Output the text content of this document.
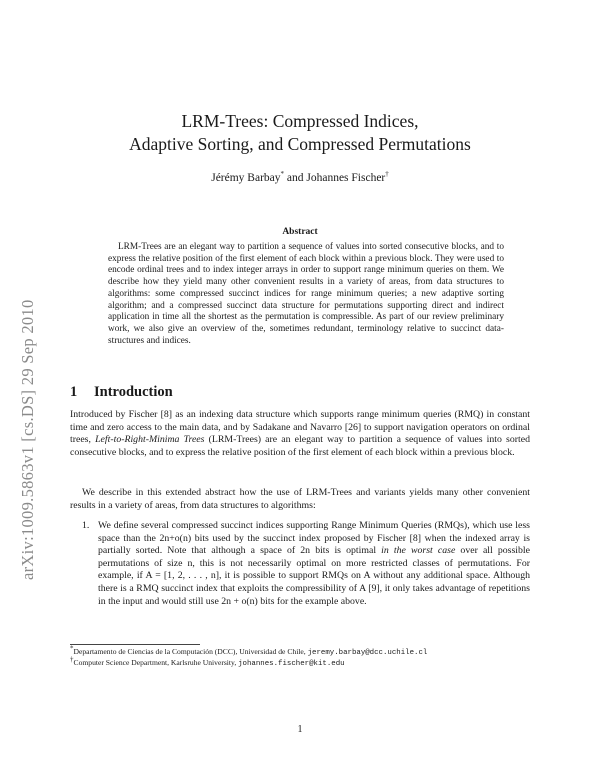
arXiv:1009.5863v1 [cs.DS] 29 Sep 2010
LRM-Trees: Compressed Indices,
Adaptive Sorting, and Compressed Permutations
Jérémy Barbay* and Johannes Fischer†
Abstract

LRM-Trees are an elegant way to partition a sequence of values into sorted consecutive blocks, and to express the relative position of the first element of each block within a previous block. They were used to encode ordinal trees and to index integer arrays in order to support range minimum queries on them. We describe how they yield many other convenient results in a variety of areas, from data structures to algorithms: some compressed succinct indices for range minimum queries; a new adaptive sorting algorithm; and a compressed succinct data structure for permutations supporting direct and indirect application in time all the shortest as the permutation is compressible. As part of our review preliminary work, we also give an overview of the, sometimes redundant, terminology relative to succinct data-structures and indices.

1 Introduction

Introduced by Fischer [8] as an indexing data structure which supports range minimum queries (RMQ) in constant time and zero access to the main data, and by Sadakane and Navarro [26] to support navigation operators on ordinal trees, Left-to-Right-Minima Trees (LRM-Trees) are an elegant way to partition a sequence of values into sorted consecutive blocks, and to express the relative position of the first element of each block within a previous block.

We describe in this extended abstract how the use of LRM-Trees and variants yields many other convenient results in a variety of areas, from data structures to algorithms:

1. We define several compressed succinct indices supporting Range Minimum Queries (RMQs), which use less space than the 2n+o(n) bits used by the succinct index proposed by Fischer [8] when the indexed array is partially sorted. Note that although a space of 2n bits is optimal in the worst case over all possible permutations of size n, this is not necessarily optimal on more restricted classes of permutations. For example, if A = [1, 2, . . . , n], it is possible to support RMQs on A without any additional space. Although there is a RMQ succinct index that exploits the compressibility of A [9], it only takes advantage of repetitions in the input and would still use 2n + o(n) bits for the example above.
*Departamento de Ciencias de la Computación (DCC), Universidad de Chile, jeremy.barbay@dcc.uchile.cl
†Computer Science Department, Karlsruhe University, johannes.fischer@kit.edu
1
